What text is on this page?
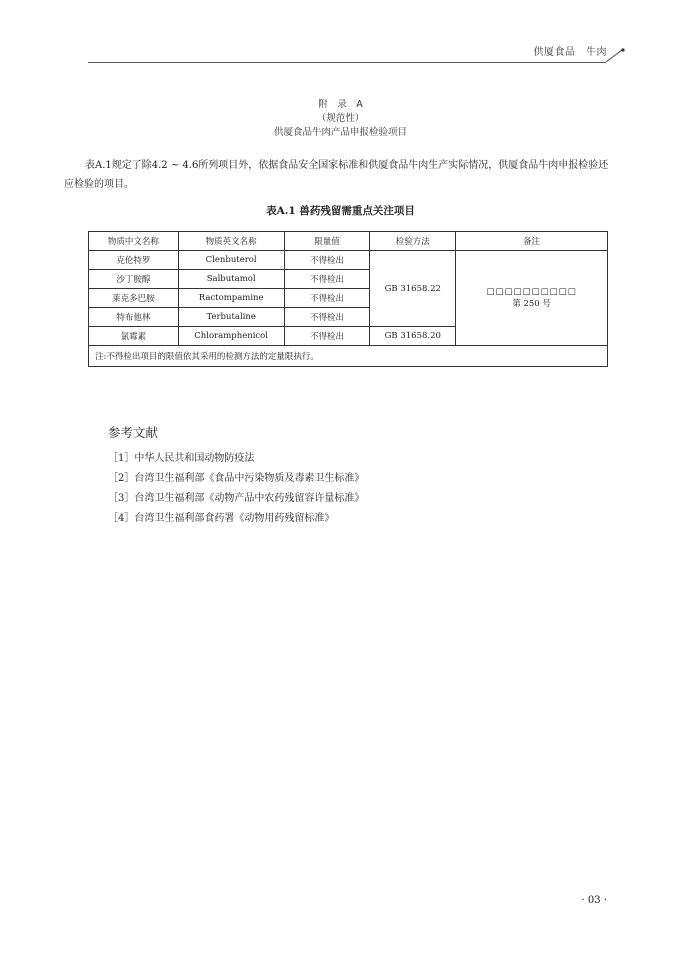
供厦食品　牛肉
附　录　A
（规范性）
供厦食品牛肉产品申报检验项目
表A.1规定了除4.2 ~ 4.6所列项目外，依据食品安全国家标准和供厦食品牛肉生产实际情况，供厦食品牛肉申报检验还应检验的项目。
表A.1 兽药残留需重点关注项目
物质中文名称	物质英文名称	限量值	检验方法	备注
克伦特罗	Clenbuterol	不得检出	GB 31658.22	□□□□□□□□□□
第 250 号

沙丁胺醇	Salbutamol	不得检出		
莱克多巴胺	Ractompamine	不得检出		
特布他林	Terbutaline	不得检出		
氯霉素	Chloramphenicol	不得检出	GB 31658.20	
注:不得检出项目的限值依其采用的检测方法的定量限执行。				
参考文献
［1］中华人民共和国动物防疫法
［2］台湾卫生福利部《食品中污染物质及毒素卫生标准》
［3］台湾卫生福利部《动物产品中农药残留容许量标准》
［4］台湾卫生福利部食药署《动物用药残留标准》
· 03 ·
